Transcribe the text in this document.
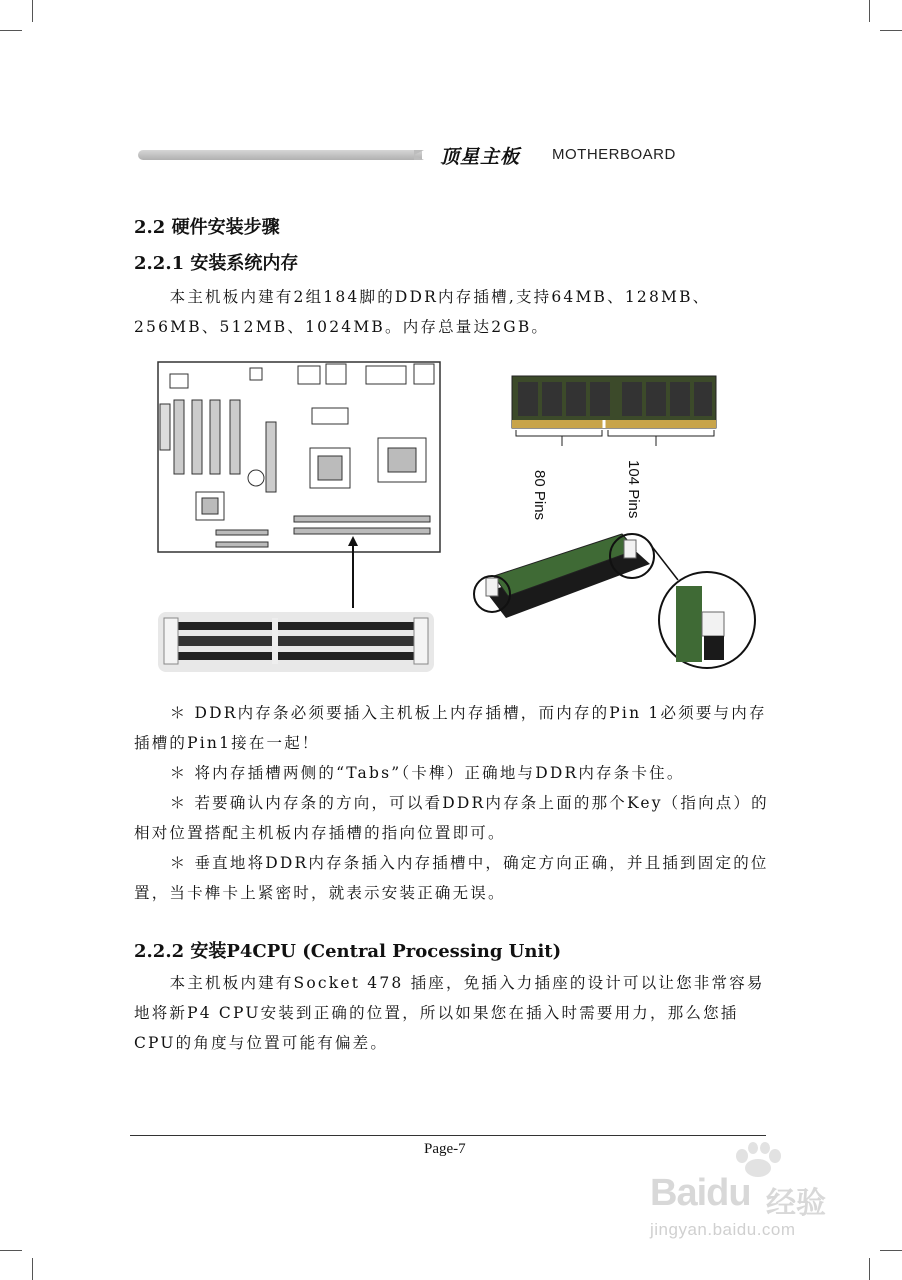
顶星主板 MOTHERBOARD
2.2 硬件安装步骤
2.2.1 安装系统内存

本主机板内建有2组184脚的DDR内存插槽,支持64MB、128MB、256MB、512MB、1024MB。内存总量达2GB。

80 Pins	104 Pins

＊ DDR内存条必须要插入主机板上内存插槽，而内存的Pin 1必须要与内存插槽的Pin1接在一起！

＊ 将内存插槽两侧的“Tabs”（卡榫）正确地与DDR内存条卡住。

＊ 若要确认内存条的方向，可以看DDR内存条上面的那个Key（指向点）的相对位置搭配主机板内存插槽的指向位置即可。

＊ 垂直地将DDR内存条插入内存插槽中，确定方向正确，并且插到固定的位置，当卡榫卡上紧密时，就表示安装正确无误。

2.2.2 安装P4CPU (Central Processing Unit)

本主机板内建有Socket 478 插座，免插入力插座的设计可以让您非常容易地将新P4 CPU安装到正确的位置，所以如果您在插入时需要用力，那么您插CPU的角度与位置可能有偏差。

Page-7
Baidu 经验
jingyan.baidu.com
